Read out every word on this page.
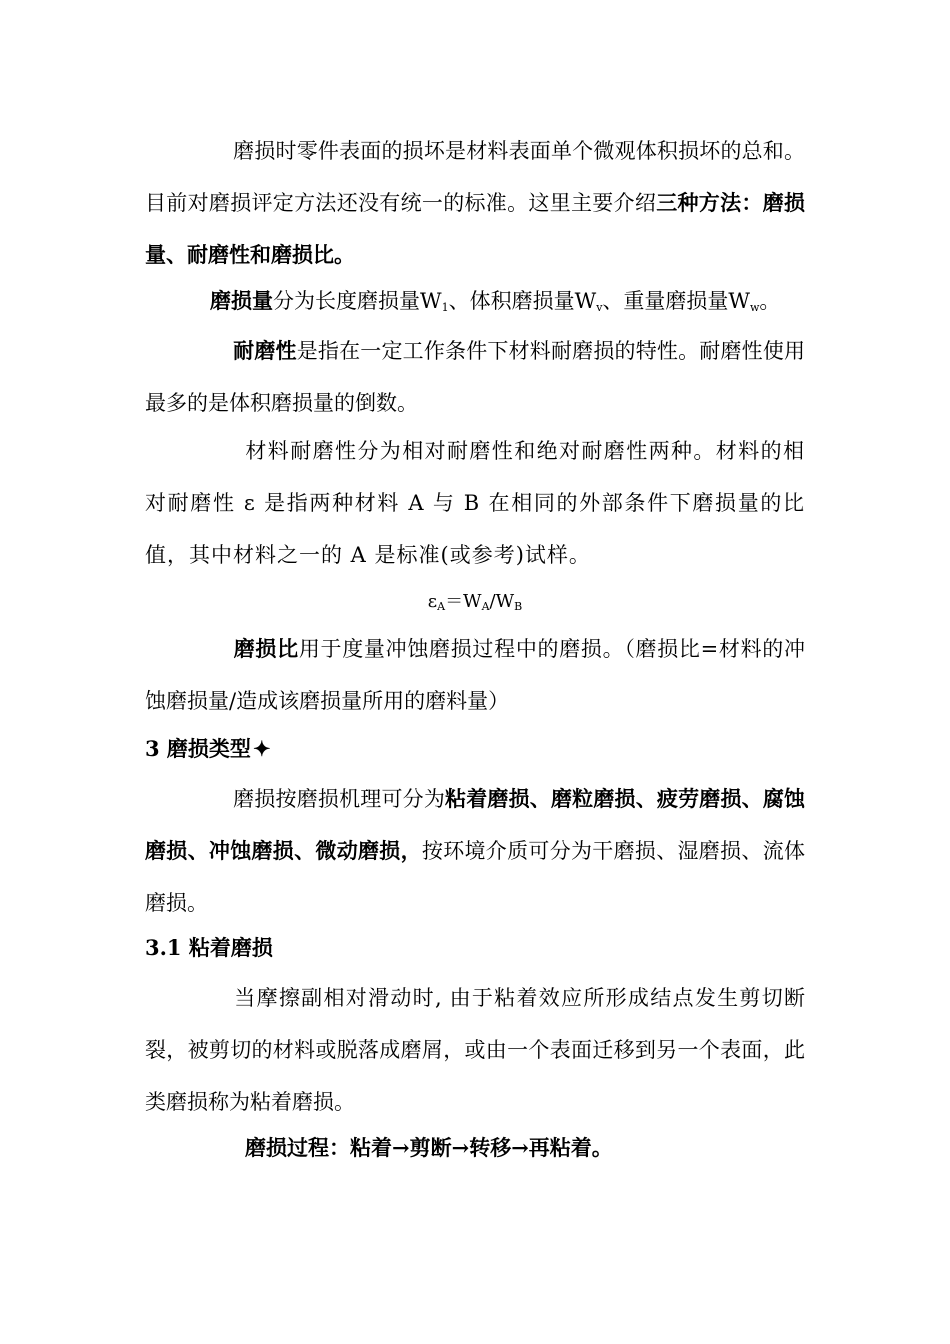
磨损时零件表面的损坏是材料表面单个微观体积损坏的总和。目前对磨损评定方法还没有统一的标准。这里主要介绍三种方法：磨损量、耐磨性和磨损比。
磨损量分为长度磨损量$W_1$、体积磨损量$W_v$、重量磨损量$W_w$。
耐磨性是指在一定工作条件下材料耐磨损的特性。耐磨性使用最多的是体积磨损量的倒数。
材料耐磨性分为相对耐磨性和绝对耐磨性两种。材料的相对耐磨性 ε 是指两种材料 A 与 B 在相同的外部条件下磨损量的比值，其中材料之一的 A 是标准(或参考)试样。
$\varepsilon_A=W_A/W_B$
磨损比用于度量冲蚀磨损过程中的磨损。（磨损比=材料的冲蚀磨损量/造成该磨损量所用的磨料量）
3 磨损类型✦
磨损按磨损机理可分为粘着磨损、磨粒磨损、疲劳磨损、腐蚀磨损、冲蚀磨损、微动磨损，按环境介质可分为干磨损、湿磨损、流体磨损。
3.1 粘着磨损
当摩擦副相对滑动时, 由于粘着效应所形成结点发生剪切断裂，被剪切的材料或脱落成磨屑，或由一个表面迁移到另一个表面，此类磨损称为粘着磨损。
磨损过程：粘着→剪断→转移→再粘着。
